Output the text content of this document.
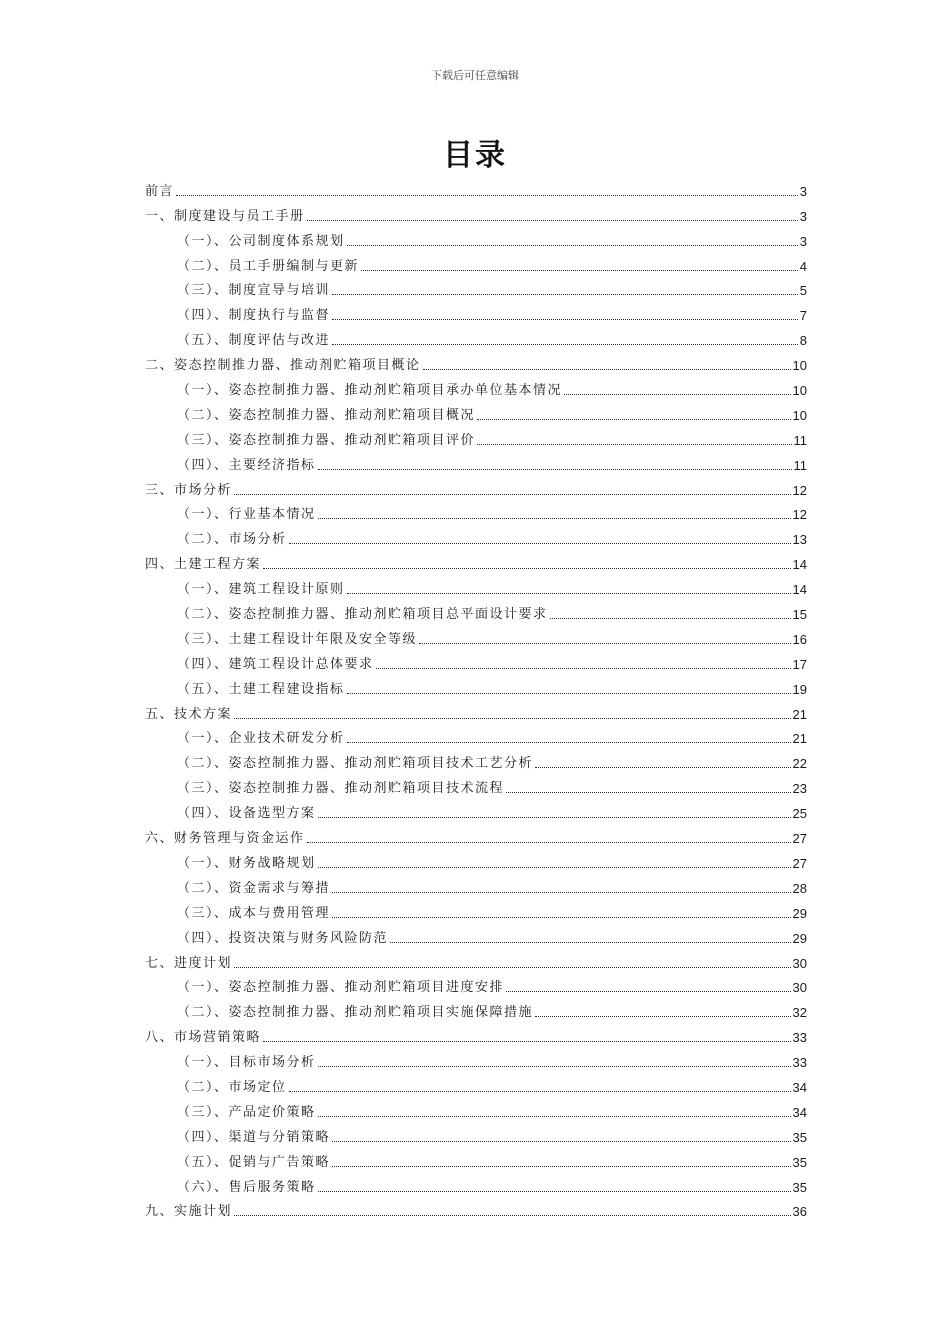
下载后可任意编辑
目录
前言	3
一、制度建设与员工手册	3
（一）、公司制度体系规划	3
（二）、员工手册编制与更新	4
（三）、制度宣导与培训	5
（四）、制度执行与监督	7
（五）、制度评估与改进	8
二、姿态控制推力器、推动剂贮箱项目概论	10
（一）、姿态控制推力器、推动剂贮箱项目承办单位基本情况	10
（二）、姿态控制推力器、推动剂贮箱项目概况	10
（三）、姿态控制推力器、推动剂贮箱项目评价	11
（四）、主要经济指标	11
三、市场分析	12
（一）、行业基本情况	12
（二）、市场分析	13
四、土建工程方案	14
（一）、建筑工程设计原则	14
（二）、姿态控制推力器、推动剂贮箱项目总平面设计要求	15
（三）、土建工程设计年限及安全等级	16
（四）、建筑工程设计总体要求	17
（五）、土建工程建设指标	19
五、技术方案	21
（一）、企业技术研发分析	21
（二）、姿态控制推力器、推动剂贮箱项目技术工艺分析	22
（三）、姿态控制推力器、推动剂贮箱项目技术流程	23
（四）、设备选型方案	25
六、财务管理与资金运作	27
（一）、财务战略规划	27
（二）、资金需求与筹措	28
（三）、成本与费用管理	29
（四）、投资决策与财务风险防范	29
七、进度计划	30
（一）、姿态控制推力器、推动剂贮箱项目进度安排	30
（二）、姿态控制推力器、推动剂贮箱项目实施保障措施	32
八、市场营销策略	33
（一）、目标市场分析	33
（二）、市场定位	34
（三）、产品定价策略	34
（四）、渠道与分销策略	35
（五）、促销与广告策略	35
（六）、售后服务策略	35
九、实施计划	36
